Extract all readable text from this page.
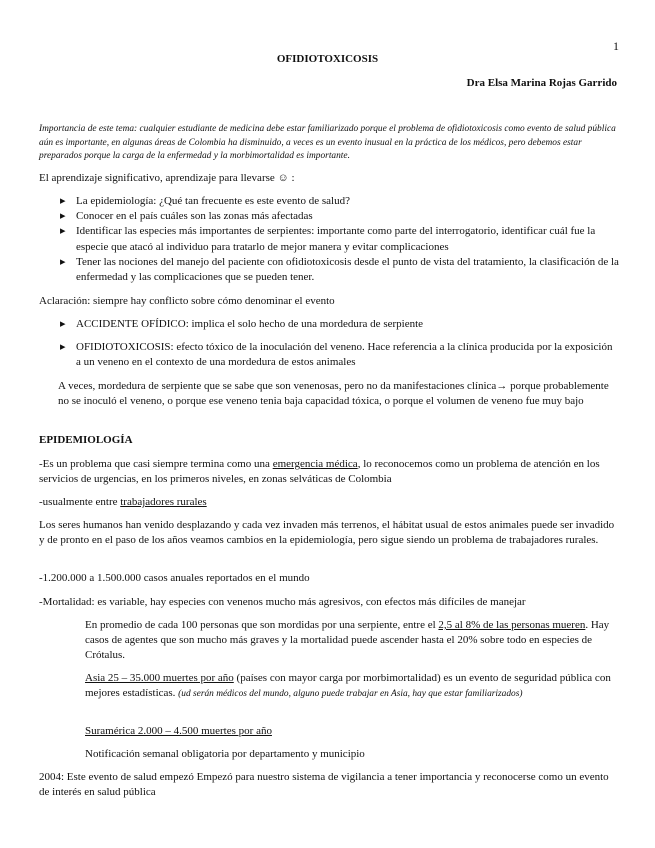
1
OFIDIOTOXICOSIS
Dra Elsa Marina Rojas Garrido
Importancia de este tema: cualquier estudiante de medicina debe estar familiarizado porque el problema de ofidiotoxicosis como evento de salud pública aún es importante, en algunas áreas de Colombia ha disminuido, a veces es un evento inusual en la práctica de los médicos, pero debemos estar preparados porque la carga de la enfermedad y la morbimortalidad es importante.
El aprendizaje significativo, aprendizaje para llevarse ☺ :
▸ La epidemiología: ¿Qué tan frecuente es este evento de salud?
▸ Conocer en el país cuáles son las zonas más afectadas
▸ Identificar las especies más importantes de serpientes: importante como parte del interrogatorio, identificar cuál fue la especie que atacó al individuo para tratarlo de mejor manera y evitar complicaciones
▸ Tener las nociones del manejo del paciente con ofidiotoxicosis desde el punto de vista del tratamiento, la clasificación de la enfermedad y las complicaciones que se pueden tener.
Aclaración: siempre hay conflicto sobre cómo denominar el evento
▸ ACCIDENTE OFÍDICO: implica el solo hecho de una mordedura de serpiente
▸ OFIDIOTOXICOSIS: efecto tóxico de la inoculación del veneno. Hace referencia a la clínica producida por la exposición a un veneno en el contexto de una mordedura de estos animales
A veces, mordedura de serpiente que se sabe que son venenosas, pero no da manifestaciones clínica→ porque probablemente no se inoculó el veneno, o porque ese veneno tenia baja capacidad tóxica, o porque el volumen de veneno fue muy bajo
EPIDEMIOLOGÍA
-Es un problema que casi siempre termina como una emergencia médica, lo reconocemos como un problema de atención en los servicios de urgencias, en los primeros niveles, en zonas selváticas de Colombia
-usualmente entre trabajadores rurales
Los seres humanos han venido desplazando y cada vez invaden más terrenos, el hábitat usual de estos animales puede ser invadido y de pronto en el paso de los años veamos cambios en la epidemiología, pero sigue siendo un problema de trabajadores rurales.
-1.200.000 a 1.500.000 casos anuales reportados en el mundo
-Mortalidad: es variable, hay especies con venenos mucho más agresivos, con efectos más difíciles de manejar
En promedio de cada 100 personas que son mordidas por una serpiente, entre el 2,5 al 8% de las personas mueren. Hay casos de agentes que son mucho más graves y la mortalidad puede ascender hasta el 20% sobre todo en especies de Crótalus.
Asia 25 – 35.000 muertes por año (países con mayor carga por morbimortalidad) es un evento de seguridad pública con mejores estadísticas. (ud serán médicos del mundo, alguno puede trabajar en Asia, hay que estar familiarizados)
Suramérica 2.000 – 4.500 muertes por año
Notificación semanal obligatoria por departamento y municipio
2004: Este evento de salud empezó Empezó para nuestro sistema de vigilancia a tener importancia y reconocerse como un evento de interés en salud pública
